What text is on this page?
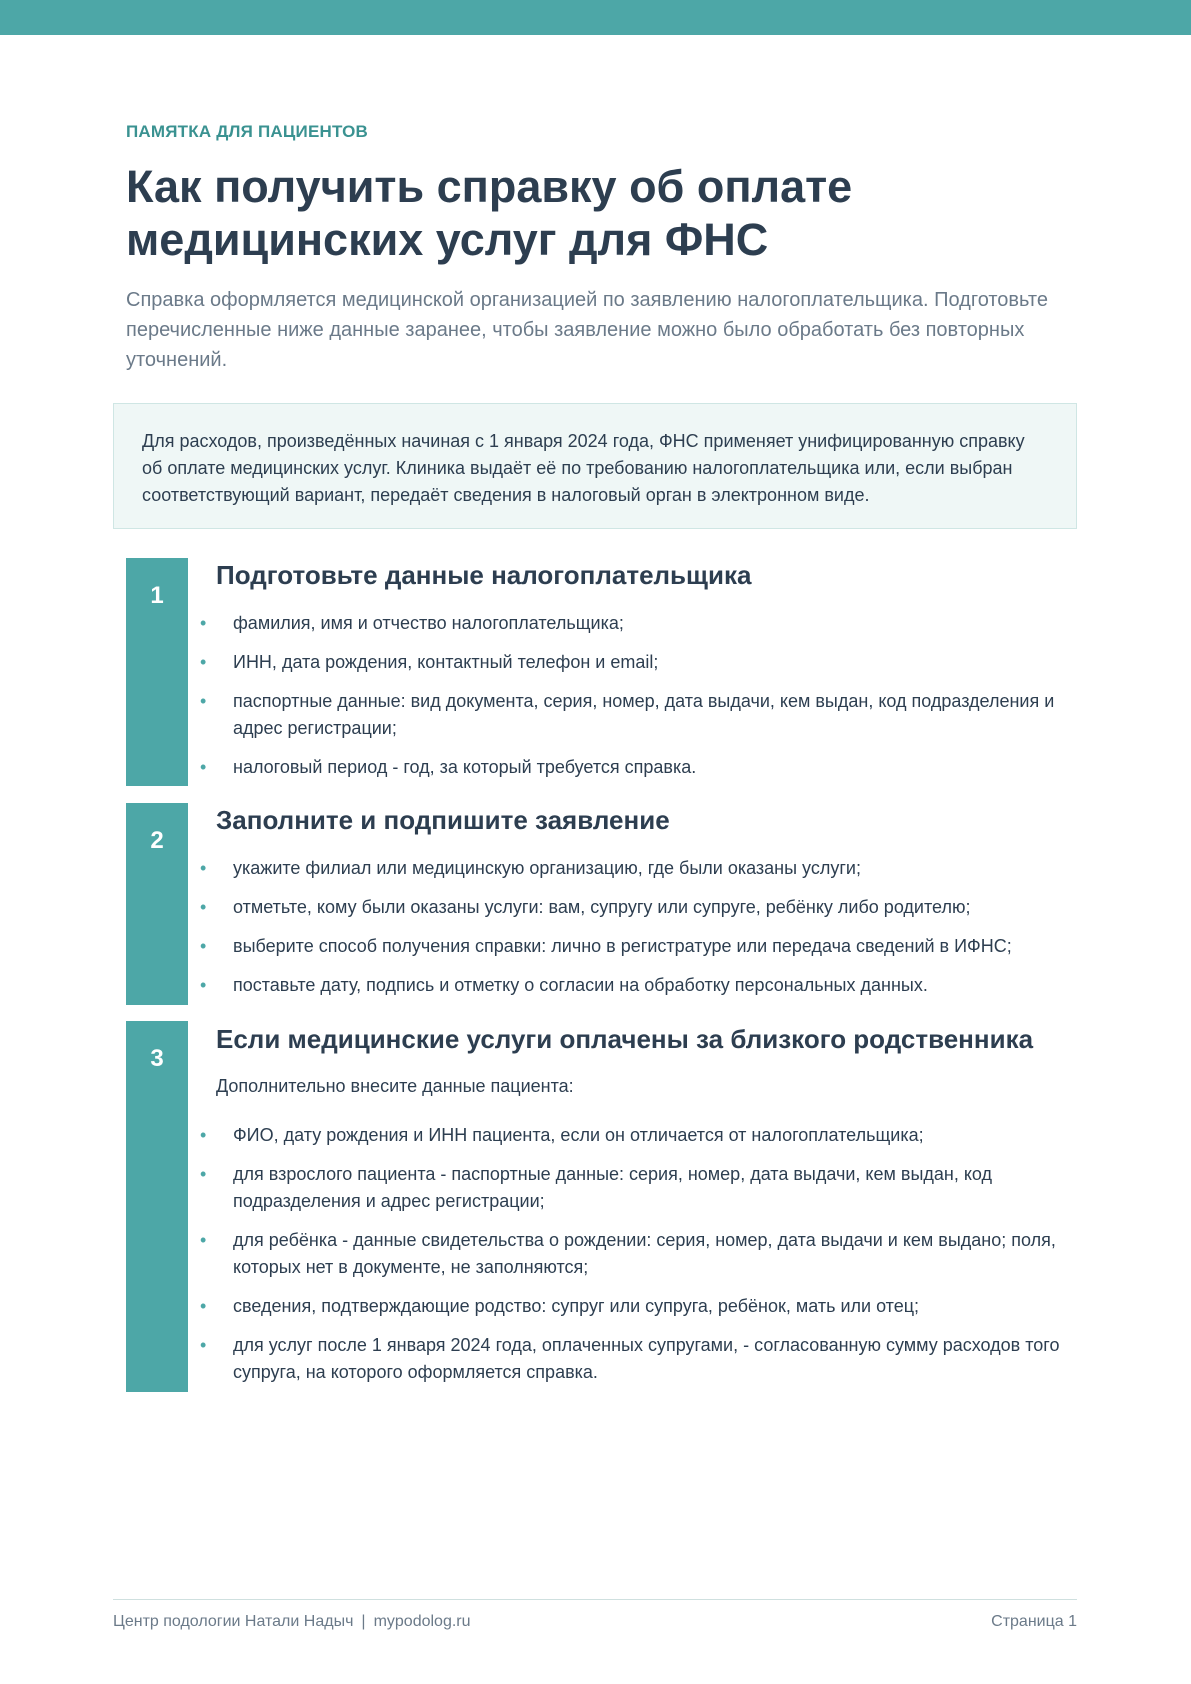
ПАМЯТКА ДЛЯ ПАЦИЕНТОВ
Как получить справку об оплате медицинских услуг для ФНС

Справка оформляется медицинской организацией по заявлению налогоплательщика. Подготовьте перечисленные ниже данные заранее, чтобы заявление можно было обработать без повторных уточнений.

Для расходов, произведённых начиная с 1 января 2024 года, ФНС применяет унифицированную справку об оплате медицинских услуг. Клиника выдаёт её по требованию налогоплательщика или, если выбран соответствующий вариант, передаёт сведения в налоговый орган в электронном виде.
1
Подготовьте данные налогоплательщика
• фамилия, имя и отчество налогоплательщика;
• ИНН, дата рождения, контактный телефон и email;
• паспортные данные: вид документа, серия, номер, дата выдачи, кем выдан, код подразделения и адрес регистрации;
• налоговый период - год, за который требуется справка.
2
Заполните и подпишите заявление
• укажите филиал или медицинскую организацию, где были оказаны услуги;
• отметьте, кому были оказаны услуги: вам, супругу или супруге, ребёнку либо родителю;
• выберите способ получения справки: лично в регистратуре или передача сведений в ИФНС;
• поставьте дату, подпись и отметку о согласии на обработку персональных данных.
3
Если медицинские услуги оплачены за близкого родственника

Дополнительно внесите данные пациента:

• ФИО, дату рождения и ИНН пациента, если он отличается от налогоплательщика;
• для взрослого пациента - паспортные данные: серия, номер, дата выдачи, кем выдан, код подразделения и адрес регистрации;
• для ребёнка - данные свидетельства о рождении: серия, номер, дата выдачи и кем выдано; поля, которых нет в документе, не заполняются;
• сведения, подтверждающие родство: супруг или супруга, ребёнок, мать или отец;
• для услуг после 1 января 2024 года, оплаченных супругами, - согласованную сумму расходов того супруга, на которого оформляется справка.
Центр подологии Натали Надыч | mypodolog.ru	Страница 1
